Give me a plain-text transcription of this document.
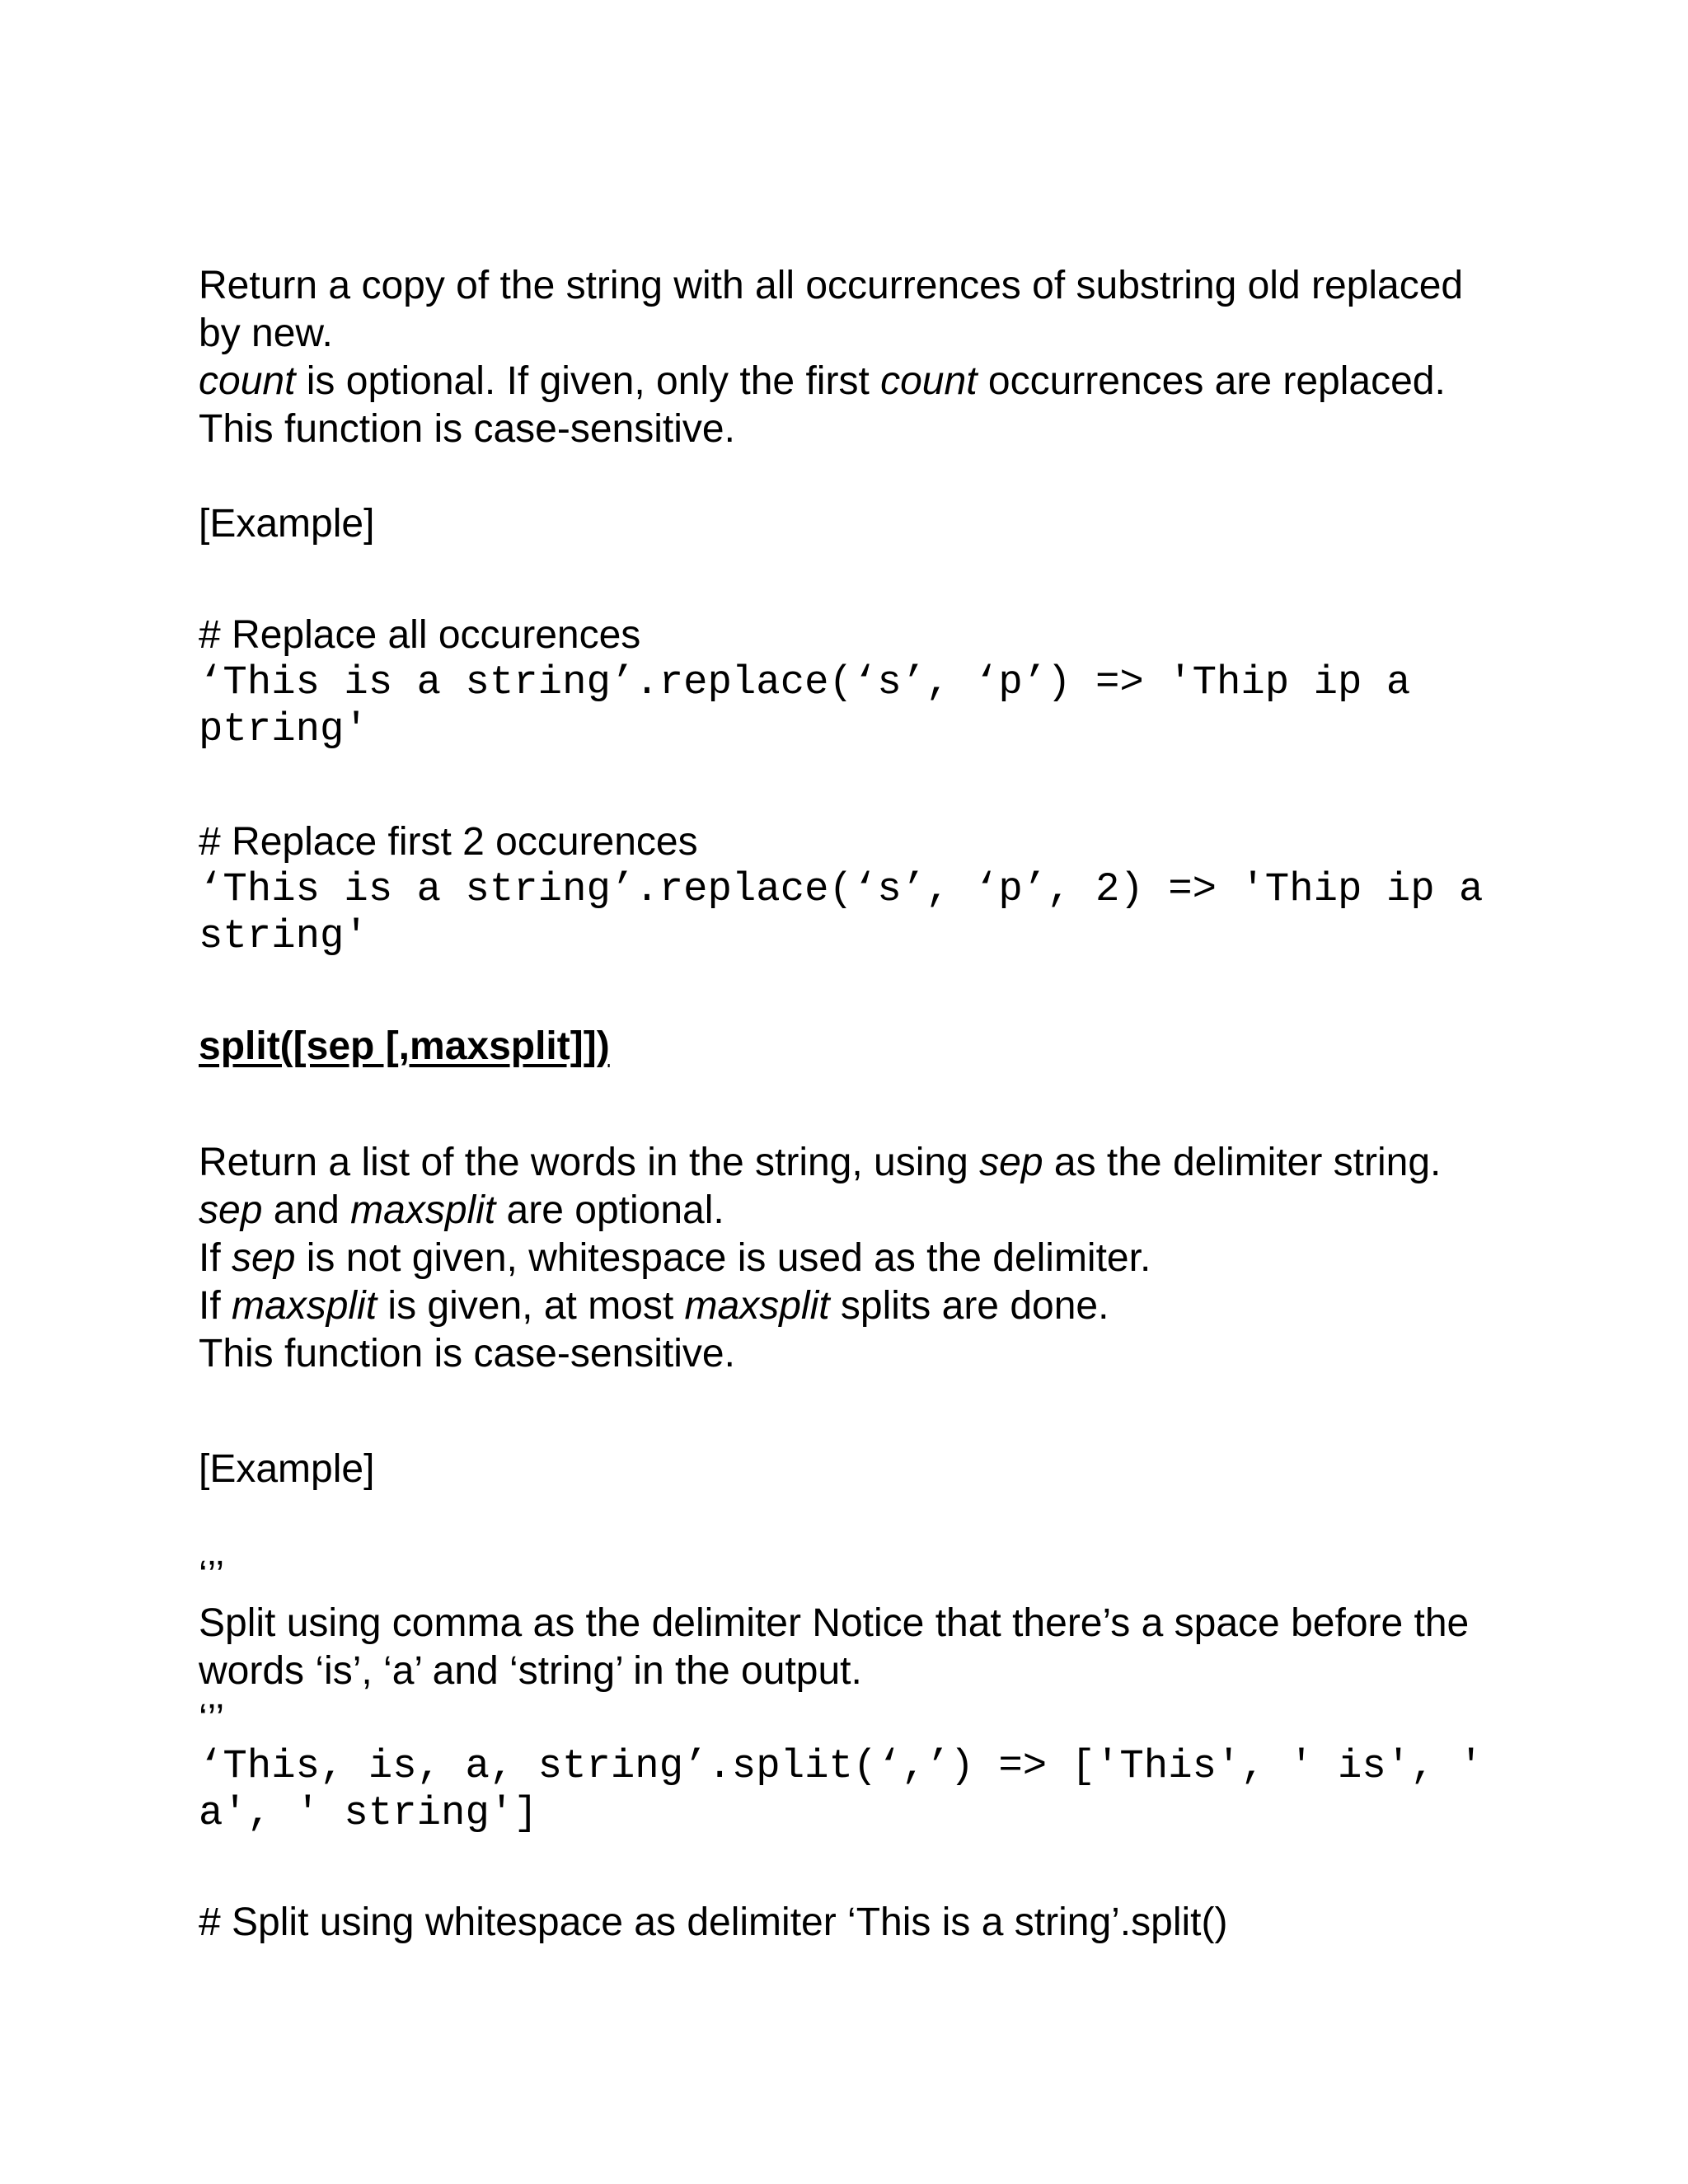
Return a copy of the string with all occurrences of substring old replaced
by new.
count is optional. If given, only the first count occurrences are replaced.
This function is case-sensitive.
[Example]
# Replace all occurences
‘This is a string’.replace(‘s’, ‘p’) => 'Thip ip a
ptring'
# Replace first 2 occurences
‘This is a string’.replace(‘s’, ‘p’, 2) => 'Thip ip a
string'
split([sep [,maxsplit]])
Return a list of the words in the string, using sep as the delimiter string.
sep and maxsplit are optional.
If sep is not given, whitespace is used as the delimiter.
If maxsplit is given, at most maxsplit splits are done.
This function is case-sensitive.
[Example]
‘’’
Split using comma as the delimiter Notice that there’s a space before the
words ‘is’, ‘a’ and ‘string’ in the output.
‘’’
‘This, is, a, string’.split(‘,’) => ['This', ' is', '
a', ' string']
# Split using whitespace as delimiter ‘This is a string’.split()
